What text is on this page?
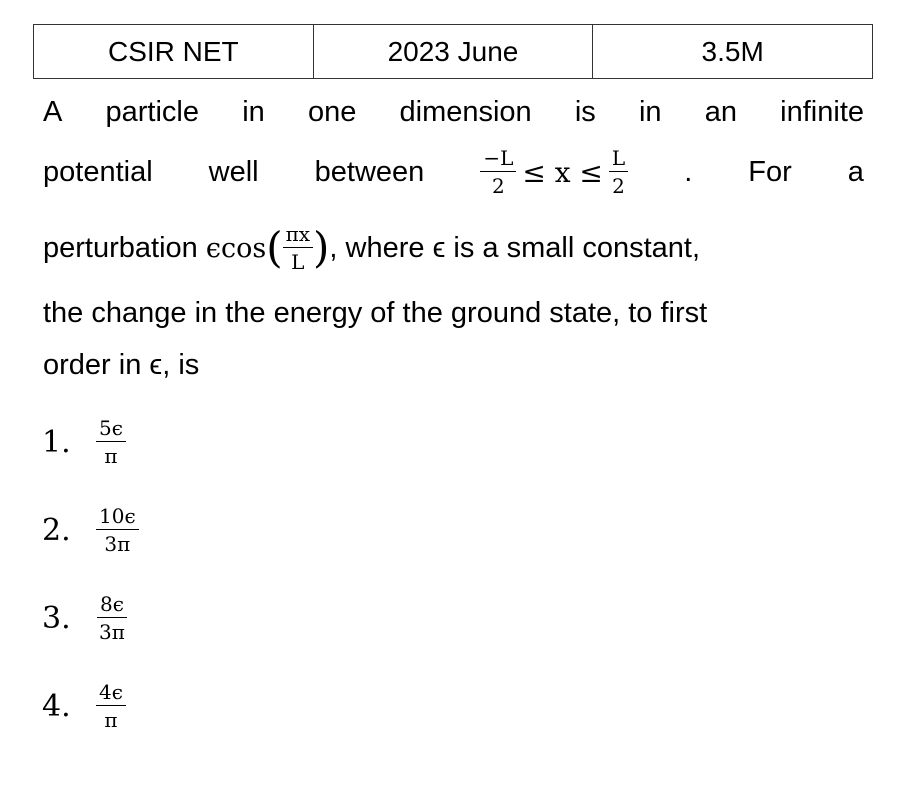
CSIR NET	2023 June	3.5M
A particle in one dimension is in an infinite
potential well between	$\frac{-L}{2} \le x \le \frac{L}{2}$ . For a
perturbation ϵcos ( $\frac{\pi x}{L}$ ) , where ϵ is a small constant,
the change in the energy of the ground state, to first
order in ϵ, is
1.	$\frac{5\epsilon}{\pi}$
2.	$\frac{10\epsilon}{3\pi}$
3.	$\frac{8\epsilon}{3\pi}$
4.	$\frac{4\epsilon}{\pi}$
